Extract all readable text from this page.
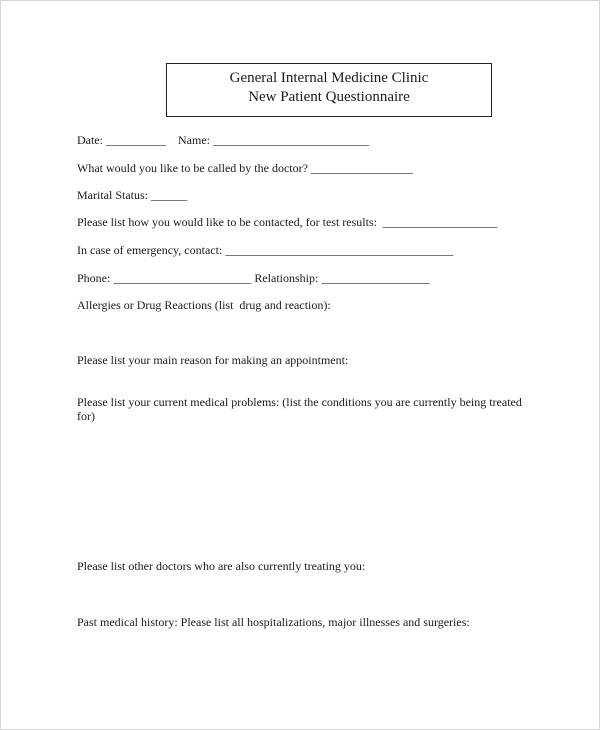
General Internal Medicine Clinic
New Patient Questionnaire
Date: __________    Name: __________________________
What would you like to be called by the doctor? _________________
Marital Status: ______
Please list how you would like to be contacted, for test results:  ___________________
In case of emergency, contact: ______________________________________
Phone: _______________________ Relationship: __________________
Allergies or Drug Reactions (list  drug and reaction):
Please list your main reason for making an appointment:
Please list your current medical problems: (list the conditions you are currently being treated for)
Please list other doctors who are also currently treating you:
Past medical history: Please list all hospitalizations, major illnesses and surgeries:
